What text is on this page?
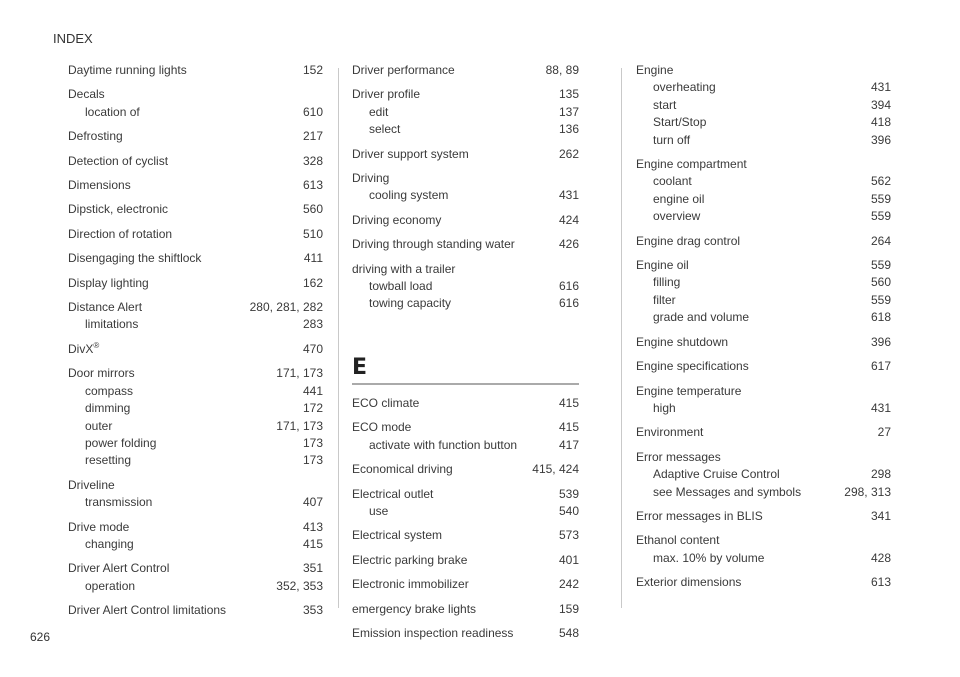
INDEX
Daytime running lights	152
Decals
location of	610
Defrosting	217
Detection of cyclist	328
Dimensions	613
Dipstick, electronic	560
Direction of rotation	510
Disengaging the shiftlock	411
Display lighting	162
Distance Alert	280, 281, 282
limitations	283
DivX®	470
Door mirrors	171, 173
compass	441
dimming	172
outer	171, 173
power folding	173
resetting	173
Driveline
transmission	407
Drive mode	413
changing	415
Driver Alert Control	351
operation	352, 353
Driver Alert Control limitations	353
Driver performance	88, 89
Driver profile	135
edit	137
select	136
Driver support system	262
Driving
cooling system	431
Driving economy	424
Driving through standing water	426
driving with a trailer
towball load	616
towing capacity	616
E
ECO climate	415
ECO mode	415
activate with function button	417
Economical driving	415, 424
Electrical outlet	539
use	540
Electrical system	573
Electric parking brake	401
Electronic immobilizer	242
emergency brake lights	159
Emission inspection readiness	548
Engine
overheating	431
start	394
Start/Stop	418
turn off	396
Engine compartment
coolant	562
engine oil	559
overview	559
Engine drag control	264
Engine oil	559
filling	560
filter	559
grade and volume	618
Engine shutdown	396
Engine specifications	617
Engine temperature
high	431
Environment	27
Error messages
Adaptive Cruise Control	298
see Messages and symbols	298, 313
Error messages in BLIS	341
Ethanol content
max. 10% by volume	428
Exterior dimensions	613
626
